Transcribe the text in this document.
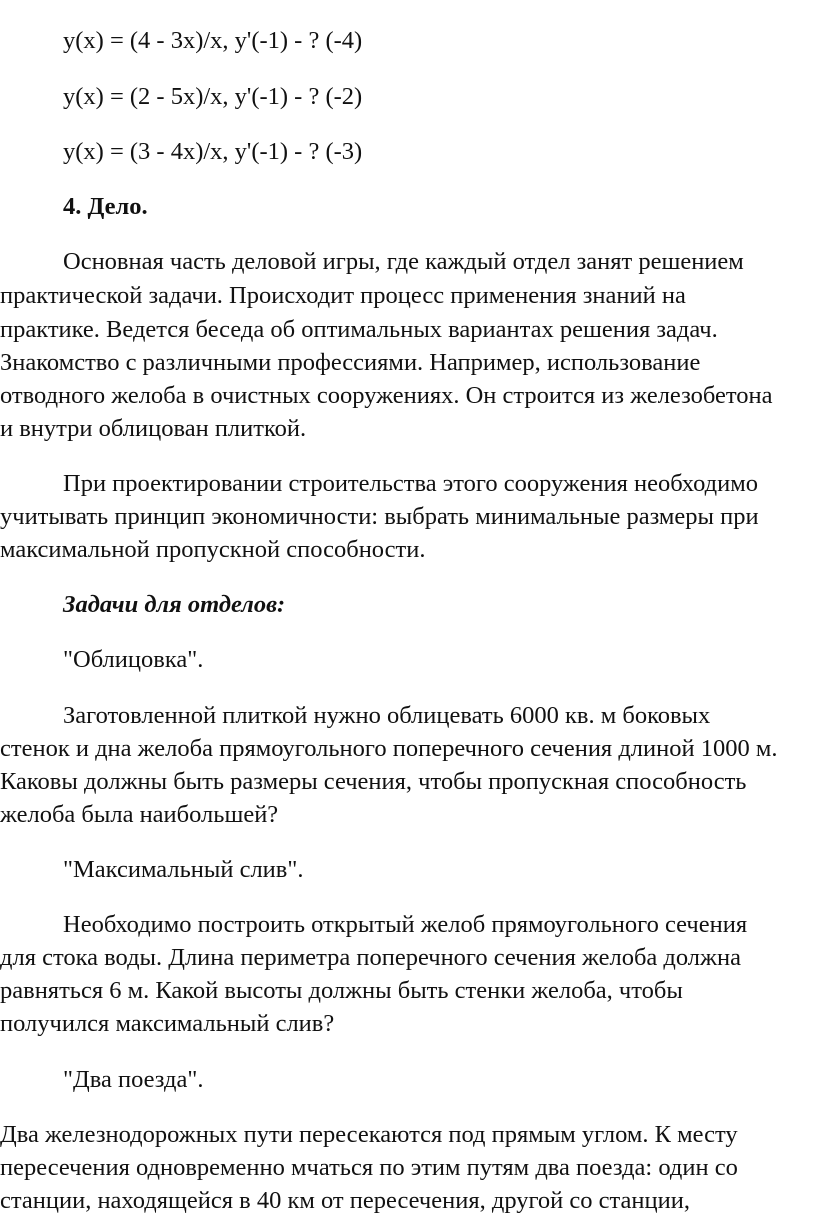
y(x) = (4 - 3x)/x, y'(-1) - ? (-4)
y(x) = (2 - 5x)/x, y'(-1) - ? (-2)
y(x) = (3 - 4x)/x, y'(-1) - ? (-3)
4. Дело.
Основная часть деловой игры, где каждый отдел занят решением
практической задачи. Происходит процесс применения знаний на
практике. Ведется беседа об оптимальных вариантах решения задач.
Знакомство с различными профессиями. Например, использование
отводного желоба в очистных сооружениях. Он строится из железобетона
и внутри облицован плиткой.
При проектировании строительства этого сооружения необходимо
учитывать принцип экономичности: выбрать минимальные размеры при
максимальной пропускной способности.
Задачи для отделов:
"Облицовка".
Заготовленной плиткой нужно облицевать 6000 кв. м боковых
стенок и дна желоба прямоугольного поперечного сечения длиной 1000 м.
Каковы должны быть размеры сечения, чтобы пропускная способность
желоба была наибольшей?
"Максимальный слив".
Необходимо построить открытый желоб прямоугольного сечения
для стока воды. Длина периметра поперечного сечения желоба должна
равняться 6 м. Какой высоты должны быть стенки желоба, чтобы
получился максимальный слив?
"Два поезда".
Два железнодорожных пути пересекаются под прямым углом. К месту
пересечения одновременно мчаться по этим путям два поезда: один со
станции, находящейся в 40 км от пересечения, другой со станции,
